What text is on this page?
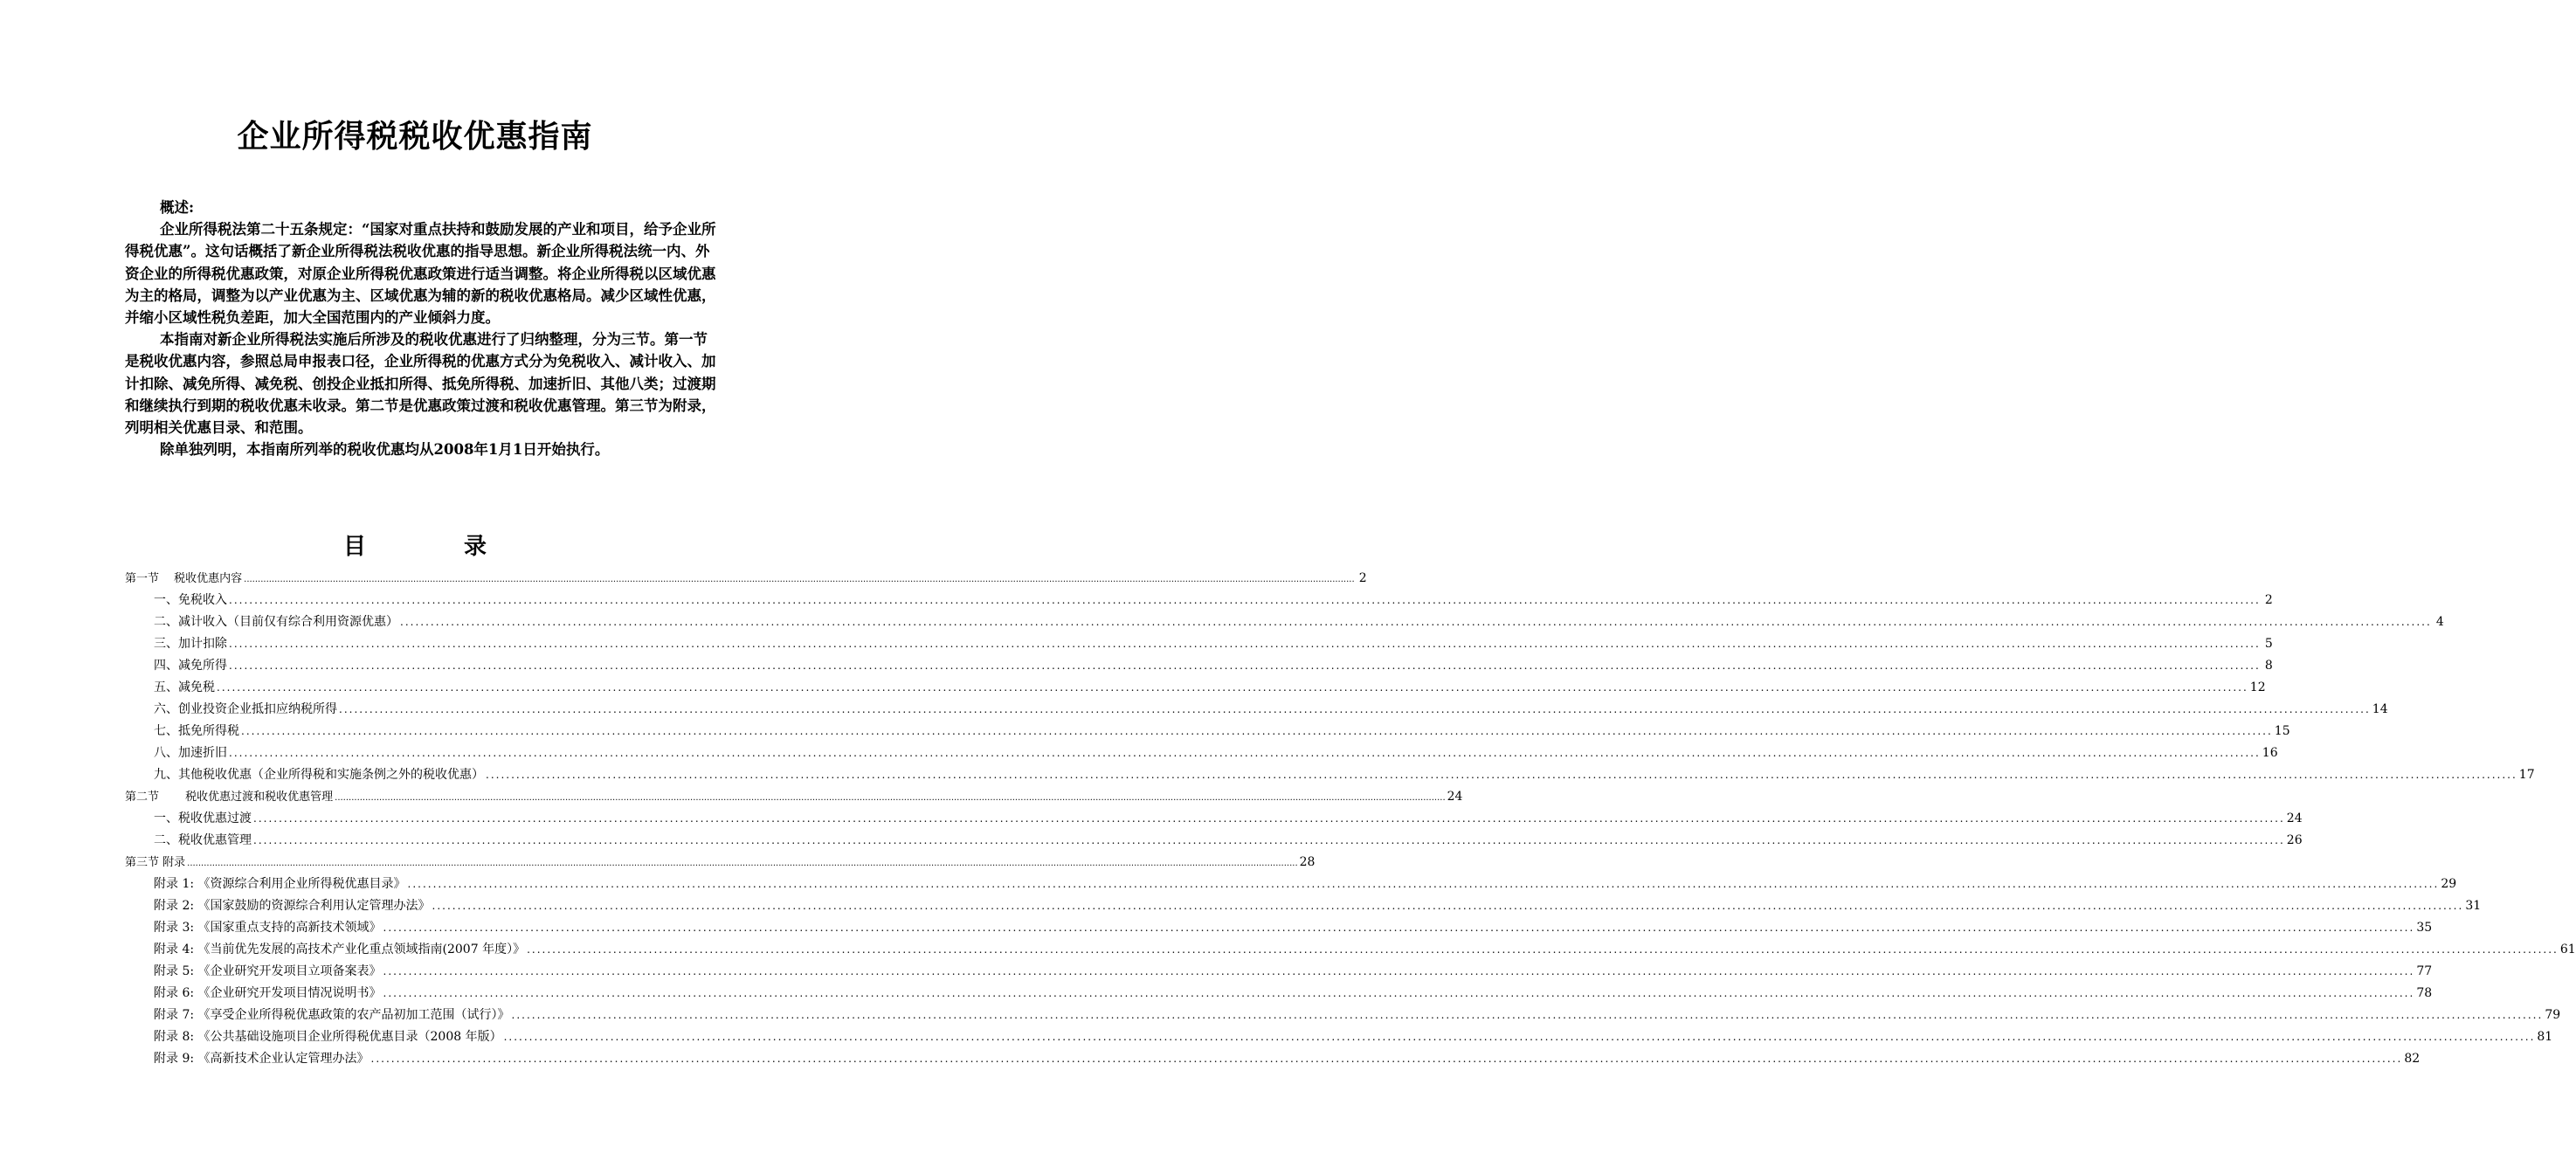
企业所得税税收优惠指南

概述:

企业所得税法第二十五条规定：“国家对重点扶持和鼓励发展的产业和项目，给予企业所得税优惠”。这句话概括了新企业所得税法税收优惠的指导思想。新企业所得税法统一内、外资企业的所得税优惠政策，对原企业所得税优惠政策进行适当调整。将企业所得税以区域优惠为主的格局，调整为以产业优惠为主、区域优惠为辅的新的税收优惠格局。减少区域性优惠，并缩小区域性税负差距，加大全国范围内的产业倾斜力度。

本指南对新企业所得税法实施后所涉及的税收优惠进行了归纳整理，分为三节。第一节是税收优惠内容，参照总局申报表口径，企业所得税的优惠方式分为免税收入、减计收入、加计扣除、减免所得、减免税、创投企业抵扣所得、抵免所得税、加速折旧、其他八类；过渡期和继续执行到期的税收优惠未收录。第二节是优惠政策过渡和税收优惠管理。第三节为附录，列明相关优惠目录、和范围。

除单独列明，本指南所列举的税收优惠均从2008年1月1日开始执行。

目	录
第一节　 税收优惠内容 ................................................................................................................................................................................................................................................................................................................................................................................................................ 2
一、免税收入 ................................................................................................................................................................................................................................................................................................................................................................................................................ 2
二、减计收入（目前仅有综合利用资源优惠） ................................................................................................................................................................................................................................................................................................................................................................................................................ 4
三、加计扣除 ................................................................................................................................................................................................................................................................................................................................................................................................................ 5
四、减免所得 ................................................................................................................................................................................................................................................................................................................................................................................................................ 8
五、减免税 ................................................................................................................................................................................................................................................................................................................................................................................................................ 12
六、创业投资企业抵扣应纳税所得 ................................................................................................................................................................................................................................................................................................................................................................................................................ 14
七、抵免所得税 ................................................................................................................................................................................................................................................................................................................................................................................................................ 15
八、加速折旧 ................................................................................................................................................................................................................................................................................................................................................................................................................ 16
九、其他税收优惠（企业所得税和实施条例之外的税收优惠） ................................................................................................................................................................................................................................................................................................................................................................................................................ 17
第二节　　 税收优惠过渡和税收优惠管理 ................................................................................................................................................................................................................................................................................................................................................................................................................ 24
一、税收优惠过渡 ................................................................................................................................................................................................................................................................................................................................................................................................................ 24
二、税收优惠管理 ................................................................................................................................................................................................................................................................................................................................................................................................................ 26
第三节 附录 ................................................................................................................................................................................................................................................................................................................................................................................................................ 28
附录 1: 《资源综合利用企业所得税优惠目录》 ................................................................................................................................................................................................................................................................................................................................................................................................................ 29
附录 2: 《国家鼓励的资源综合利用认定管理办法》 ................................................................................................................................................................................................................................................................................................................................................................................................................ 31
附录 3: 《国家重点支持的高新技术领域》 ................................................................................................................................................................................................................................................................................................................................................................................................................ 35
附录 4: 《当前优先发展的高技术产业化重点领域指南(2007 年度）》 ................................................................................................................................................................................................................................................................................................................................................................................................................ 61
附录 5: 《企业研究开发项目立项备案表》 ................................................................................................................................................................................................................................................................................................................................................................................................................ 77
附录 6: 《企业研究开发项目情况说明书》 ................................................................................................................................................................................................................................................................................................................................................................................................................ 78
附录 7: 《享受企业所得税优惠政策的农产品初加工范围（试行）》 ................................................................................................................................................................................................................................................................................................................................................................................................................ 79
附录 8: 《公共基础设施项目企业所得税优惠目录（2008 年版） ................................................................................................................................................................................................................................................................................................................................................................................................................ 81
附录 9: 《高新技术企业认定管理办法》 ................................................................................................................................................................................................................................................................................................................................................................................................................ 82
